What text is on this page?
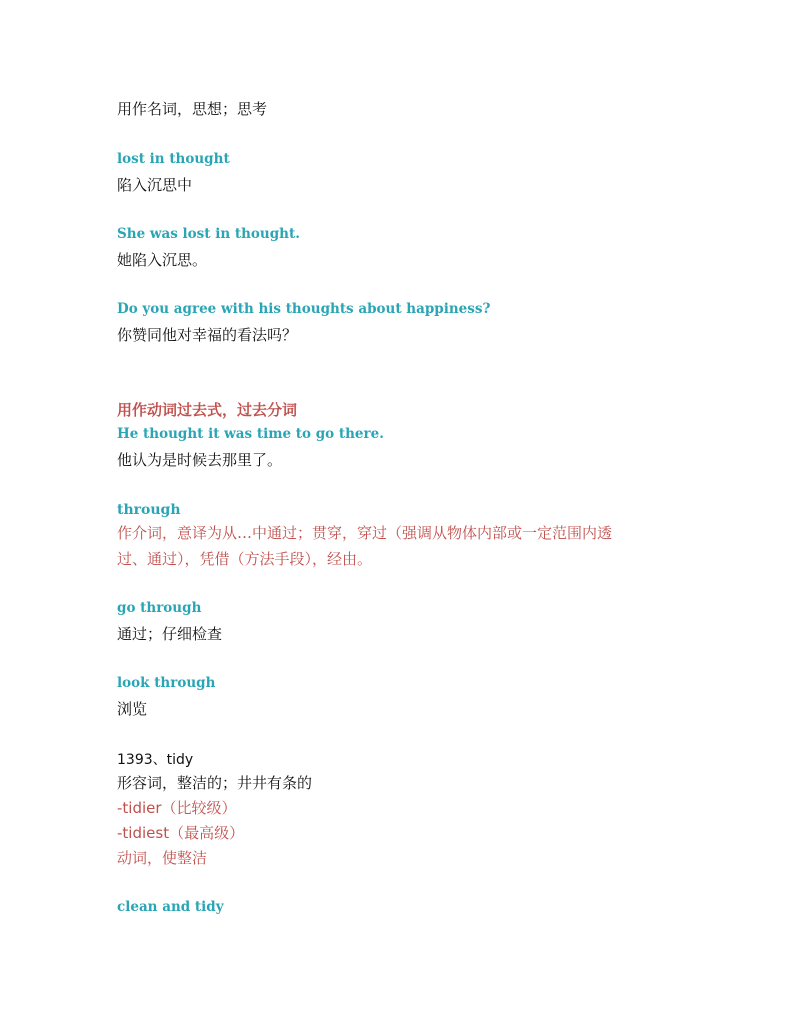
用作名词，思想；思考
lost in thought
陷入沉思中
She was lost in thought.
她陷入沉思。
Do you agree with his thoughts about happiness?
你赞同他对幸福的看法吗？
用作动词过去式，过去分词
He thought it was time to go there.
他认为是时候去那里了。
through
作介词，意译为从…中通过；贯穿，穿过（强调从物体内部或一定范围内透
过、通过），凭借（方法手段），经由。
go through
通过；仔细检查
look through
浏览
1393、tidy
形容词，整洁的；井井有条的
-tidier（比较级）
-tidiest（最高级）
动词，使整洁
clean and tidy
